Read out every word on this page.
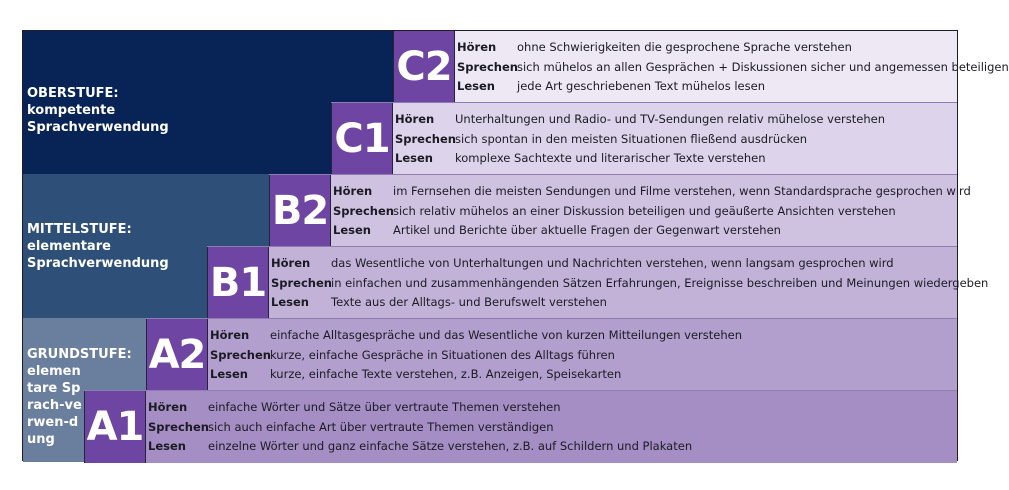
C2 Hören ohne Schwierigkeiten die gesprochene Sprache verstehen
Sprechen sich mühelos an allen Gesprächen + Diskussionen sicher und angemessen beteiligen
Lesen jede Art geschriebenen Text mühelos lesen
C1 Hören Unterhaltungen und Radio- und TV-Sendungen relativ mühelose verstehen
Sprechen sich spontan in den meisten Situationen fließend ausdrücken
Lesen komplexe Sachtexte und literarischer Texte verstehen
B2 Hören im Fernsehen die meisten Sendungen und Filme verstehen, wenn Standardsprache gesprochen wird
Sprechen sich relativ mühelos an einer Diskussion beteiligen und geäußerte Ansichten verstehen
Lesen Artikel und Berichte über aktuelle Fragen der Gegenwart verstehen
B1 Hören das Wesentliche von Unterhaltungen und Nachrichten verstehen, wenn langsam gesprochen wird
Sprechen in einfachen und zusammenhängenden Sätzen Erfahrungen, Ereignisse beschreiben und Meinungen wiedergeben
Lesen Texte aus der Alltags- und Berufswelt verstehen
A2 Hören einfache Alltasgespräche und das Wesentliche von kurzen Mitteilungen verstehen
Sprechen kurze, einfache Gespräche in Situationen des Alltags führen
Lesen kurze, einfache Texte verstehen, z.B. Anzeigen, Speisekarten
A1 Hören einfache Wörter und Sätze über vertraute Themen verstehen
Sprechen sich auch einfache Art über vertraute Themen verständigen
Lesen einzelne Wörter und ganz einfache Sätze verstehen, z.B. auf Schildern und Plakaten
OBERSTUFE:
kompetente Sprachverwendung
MITTELSTUFE:
elementare Sprachverwendung
GRUNDSTUFE:
elementare Sprach-verwen-dung
